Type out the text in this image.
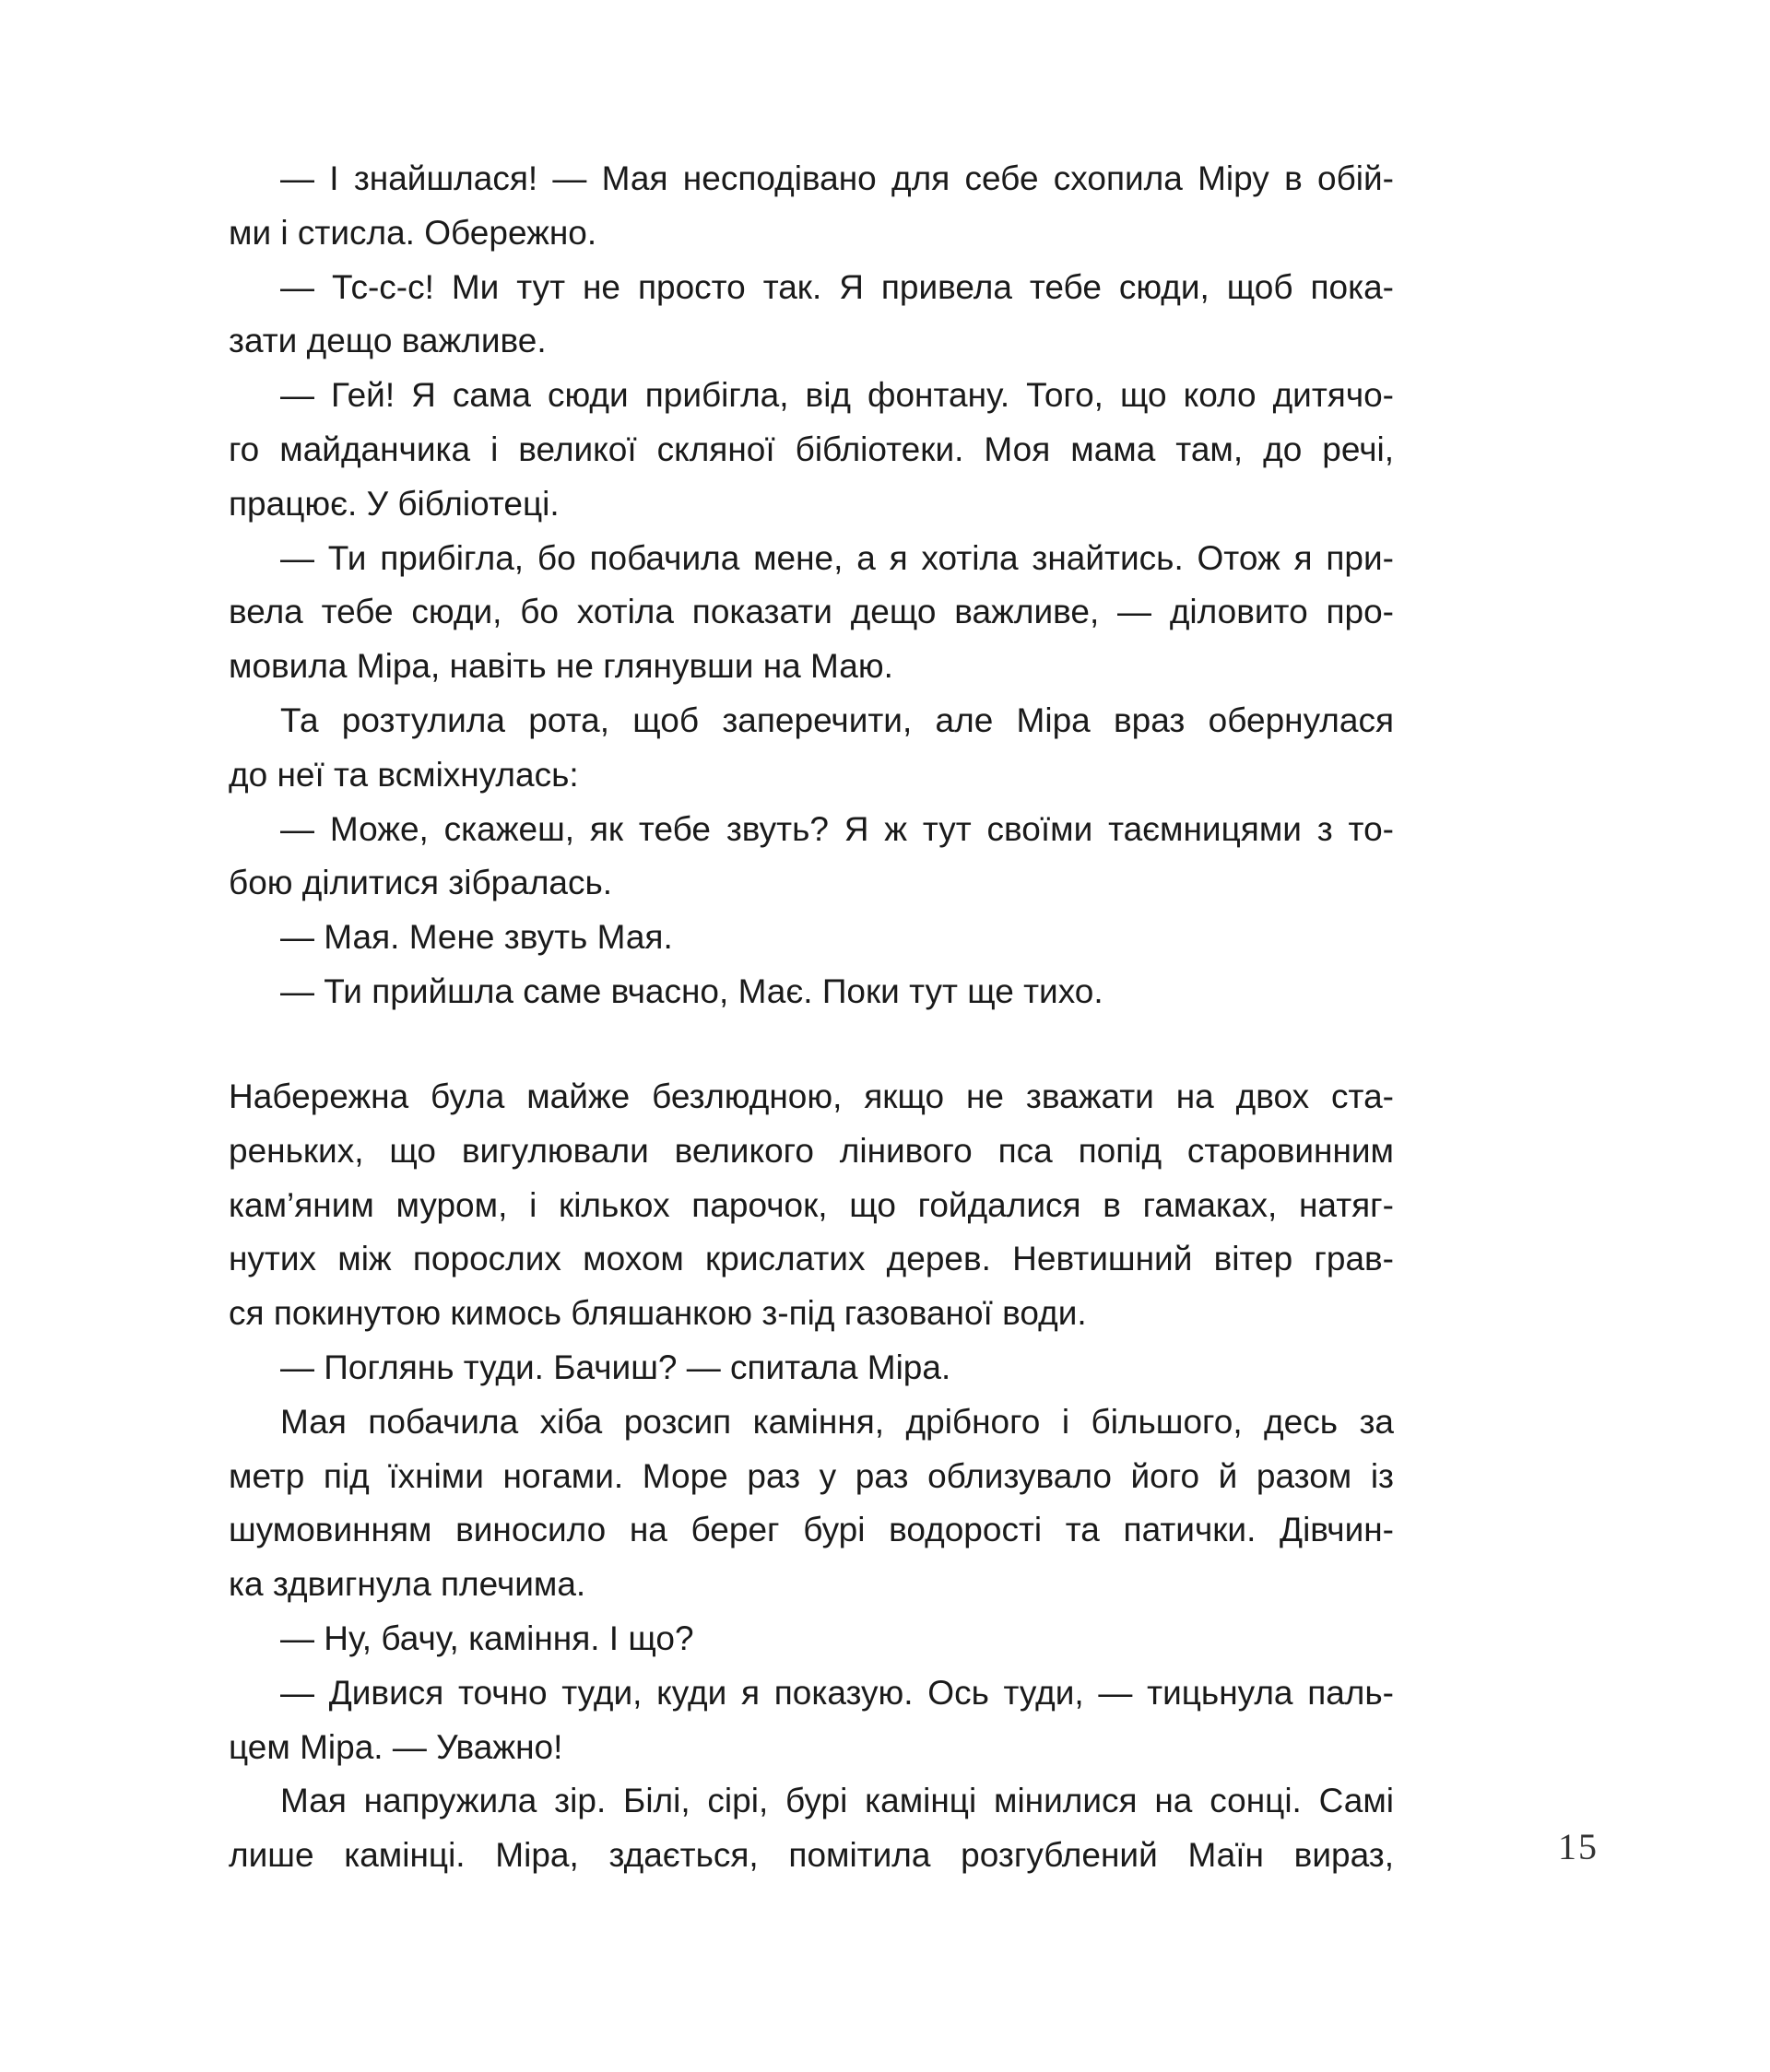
— І знайшлася! — Мая несподівано для себе схопила Міру в обій-
ми і стисла. Обережно.
— Тс-с-с! Ми тут не просто так. Я привела тебе сюди, щоб пока-
зати дещо важливе.
— Гей! Я сама сюди прибігла, від фонтану. Того, що коло дитячо-
го майданчика і великої скляної бібліотеки. Моя мама там, до речі,
працює. У бібліотеці.
— Ти прибігла, бо побачила мене, а я хотіла знайтись. Отож я при-
вела тебе сюди, бо хотіла показати дещо важливе, — діловито про-
мовила Міра, навіть не глянувши на Маю.
Та розтулила рота, щоб заперечити, але Міра враз обернулася
до неї та всміхнулась:
— Може, скажеш, як тебе звуть? Я ж тут своїми таємницями з то-
бою ділитися зібралась.
— Мая. Мене звуть Мая.
— Ти прийшла саме вчасно, Має. Поки тут ще тихо.
Набережна була майже безлюдною, якщо не зважати на двох ста-
реньких, що вигулювали великого лінивого пса попід старовинним
кам’яним муром, і кількох парочок, що гойдалися в гамаках, натяг-
нутих між порослих мохом крислатих дерев. Невтишний вітер грав-
ся покинутою кимось бляшанкою з-під газованої води.
— Поглянь туди. Бачиш? — спитала Міра.
Мая побачила хіба розсип каміння, дрібного і більшого, десь за
метр під їхніми ногами. Море раз у раз облизувало його й разом із
шумовинням виносило на берег бурі водорості та патички. Дівчин-
ка здвигнула плечима.
— Ну, бачу, каміння. І що?
— Дивися точно туди, куди я показую. Ось туди, — тицьнула паль-
цем Міра. — Уважно!
Мая напружила зір. Білі, сірі, бурі камінці мінилися на сонці. Самі
лише камінці. Міра, здається, помітила розгублений Маїн вираз,	15
